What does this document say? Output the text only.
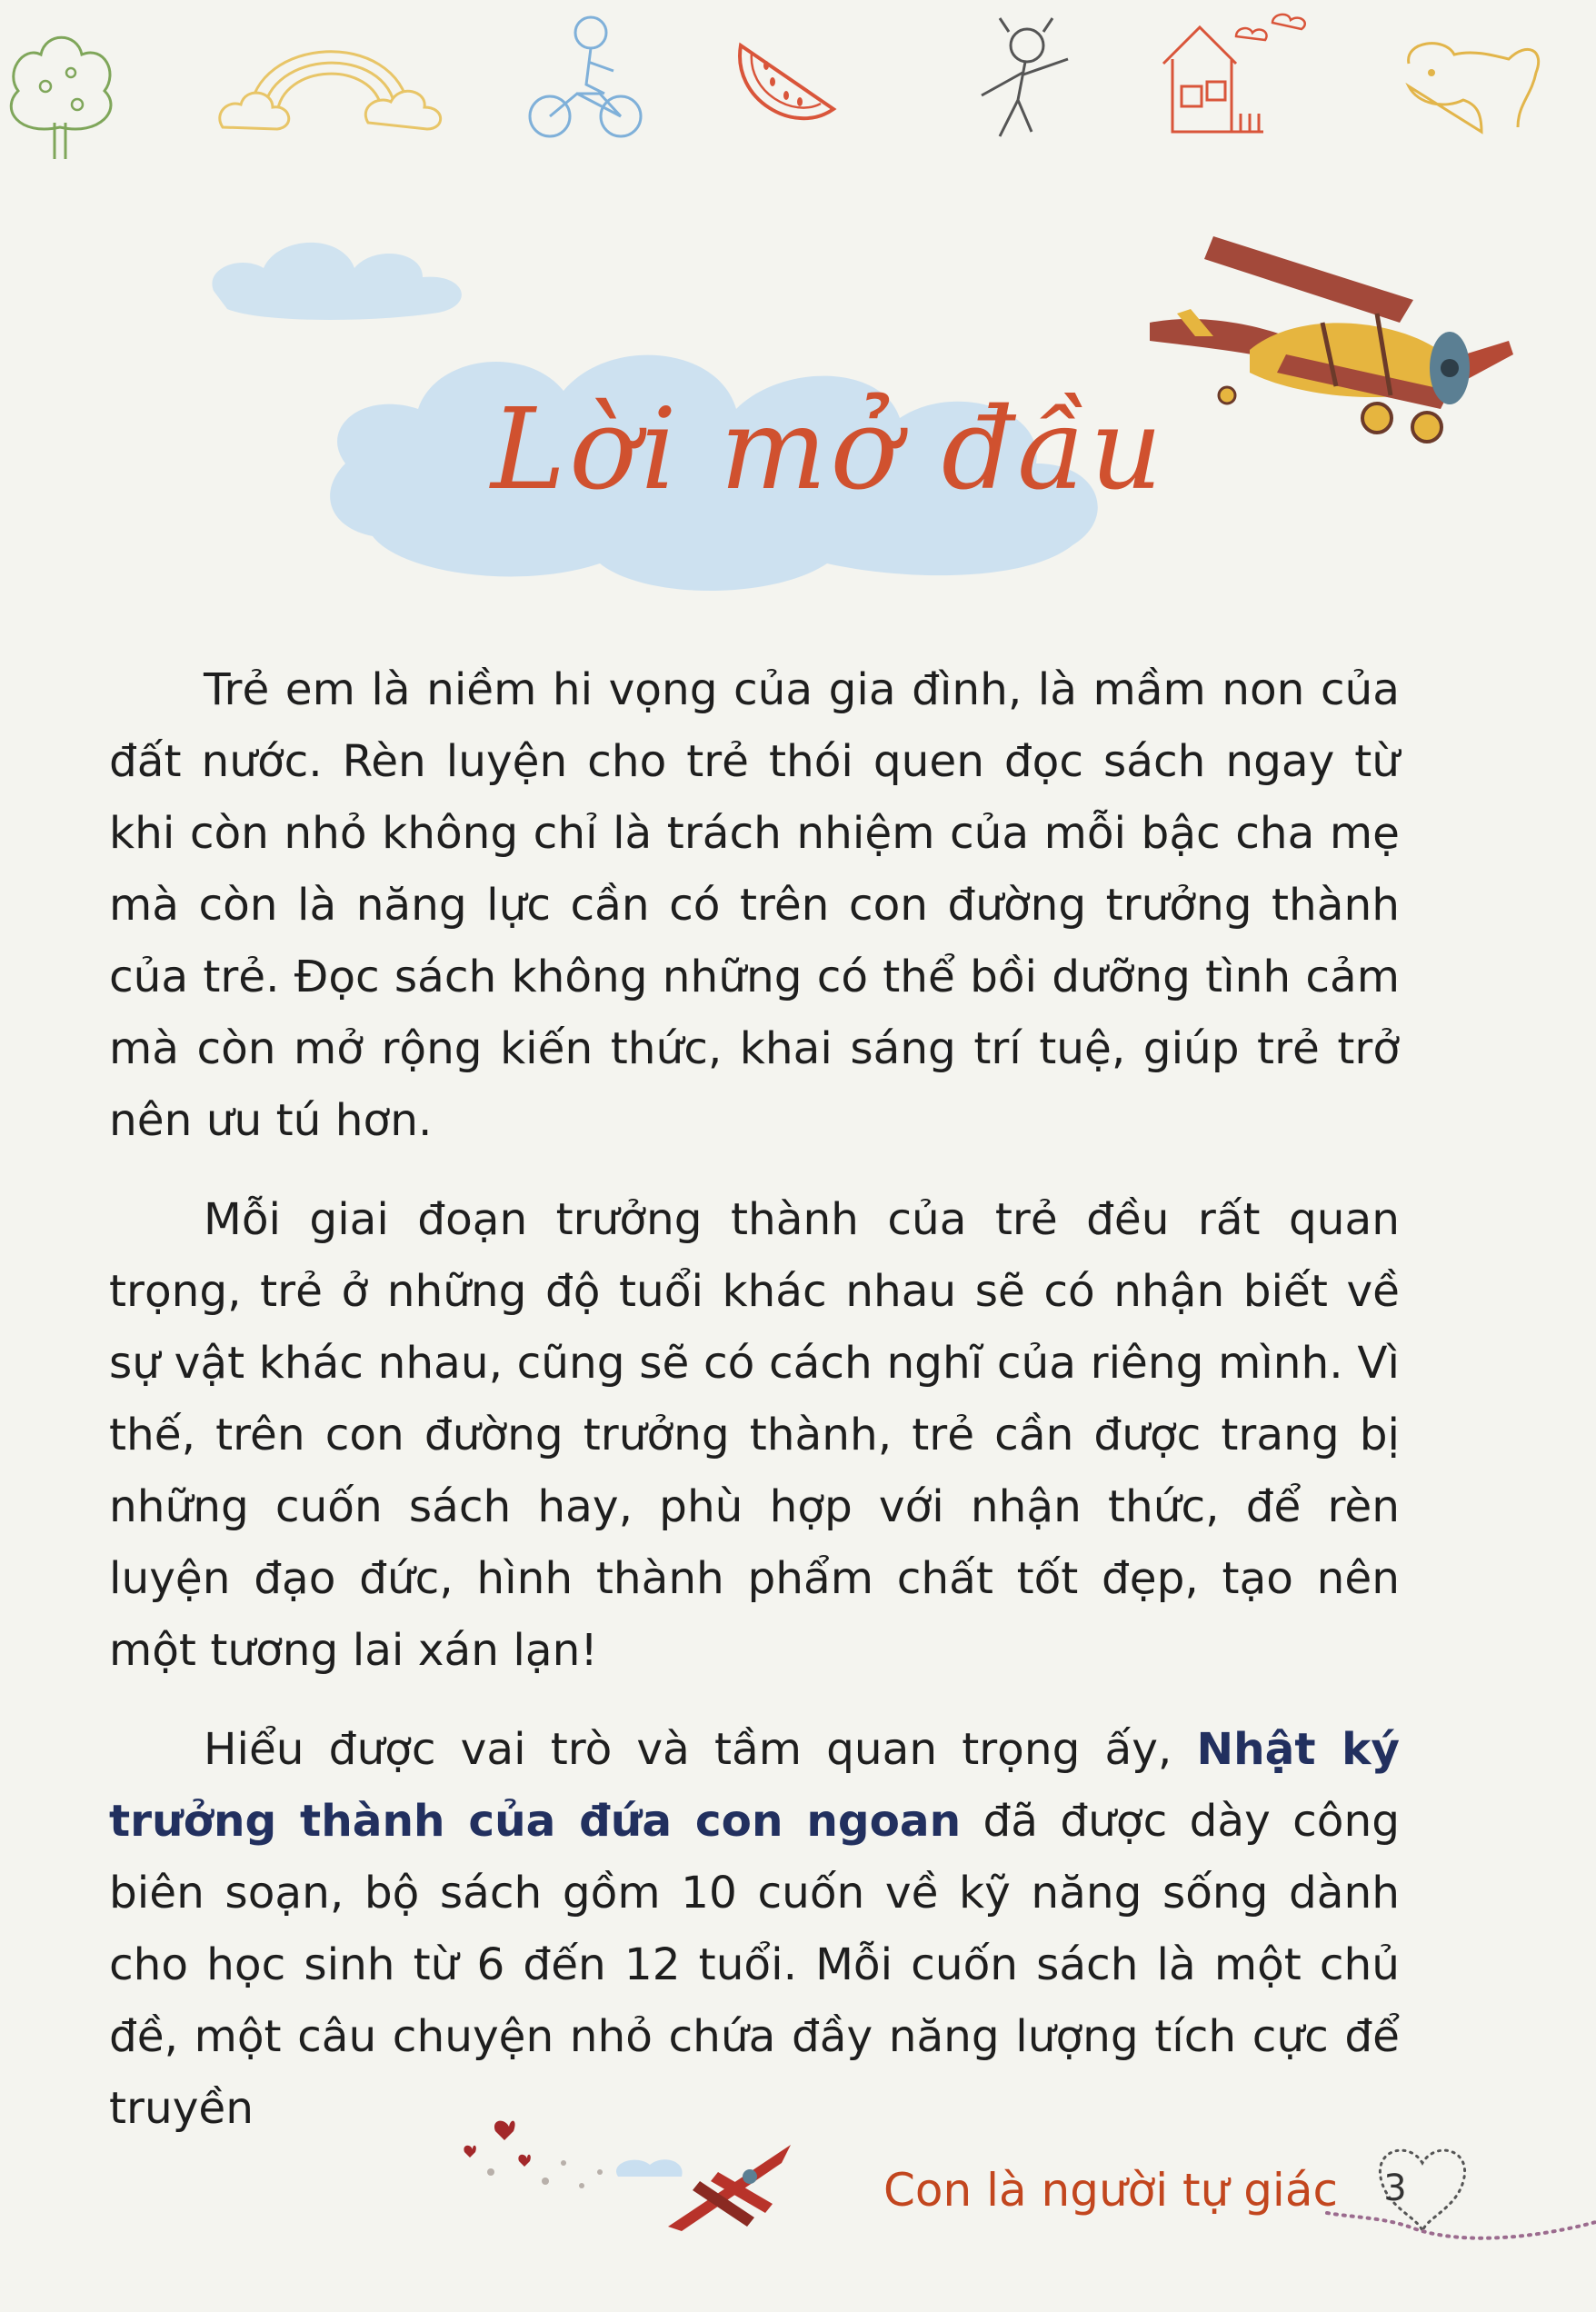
Lời mở đầu

Trẻ em là niềm hi vọng của gia đình, là mầm non của đất nước. Rèn luyện cho trẻ thói quen đọc sách ngay từ khi còn nhỏ không chỉ là trách nhiệm của mỗi bậc cha mẹ mà còn là năng lực cần có trên con đường trưởng thành của trẻ. Đọc sách không những có thể bồi dưỡng tình cảm mà còn mở rộng kiến thức, khai sáng trí tuệ, giúp trẻ trở nên ưu tú hơn.

Mỗi giai đoạn trưởng thành của trẻ đều rất quan trọng, trẻ ở những độ tuổi khác nhau sẽ có nhận biết về sự vật khác nhau, cũng sẽ có cách nghĩ của riêng mình. Vì thế, trên con đường trưởng thành, trẻ cần được trang bị những cuốn sách hay, phù hợp với nhận thức, để rèn luyện đạo đức, hình thành phẩm chất tốt đẹp, tạo nên một tương lai xán lạn!

Hiểu được vai trò và tầm quan trọng ấy, Nhật ký trưởng thành của đứa con ngoan đã được dày công biên soạn, bộ sách gồm 10 cuốn về kỹ năng sống dành cho học sinh từ 6 đến 12 tuổi. Mỗi cuốn sách là một chủ đề, một câu chuyện nhỏ chứa đầy năng lượng tích cực để truyền

Con là người tự giác	3
